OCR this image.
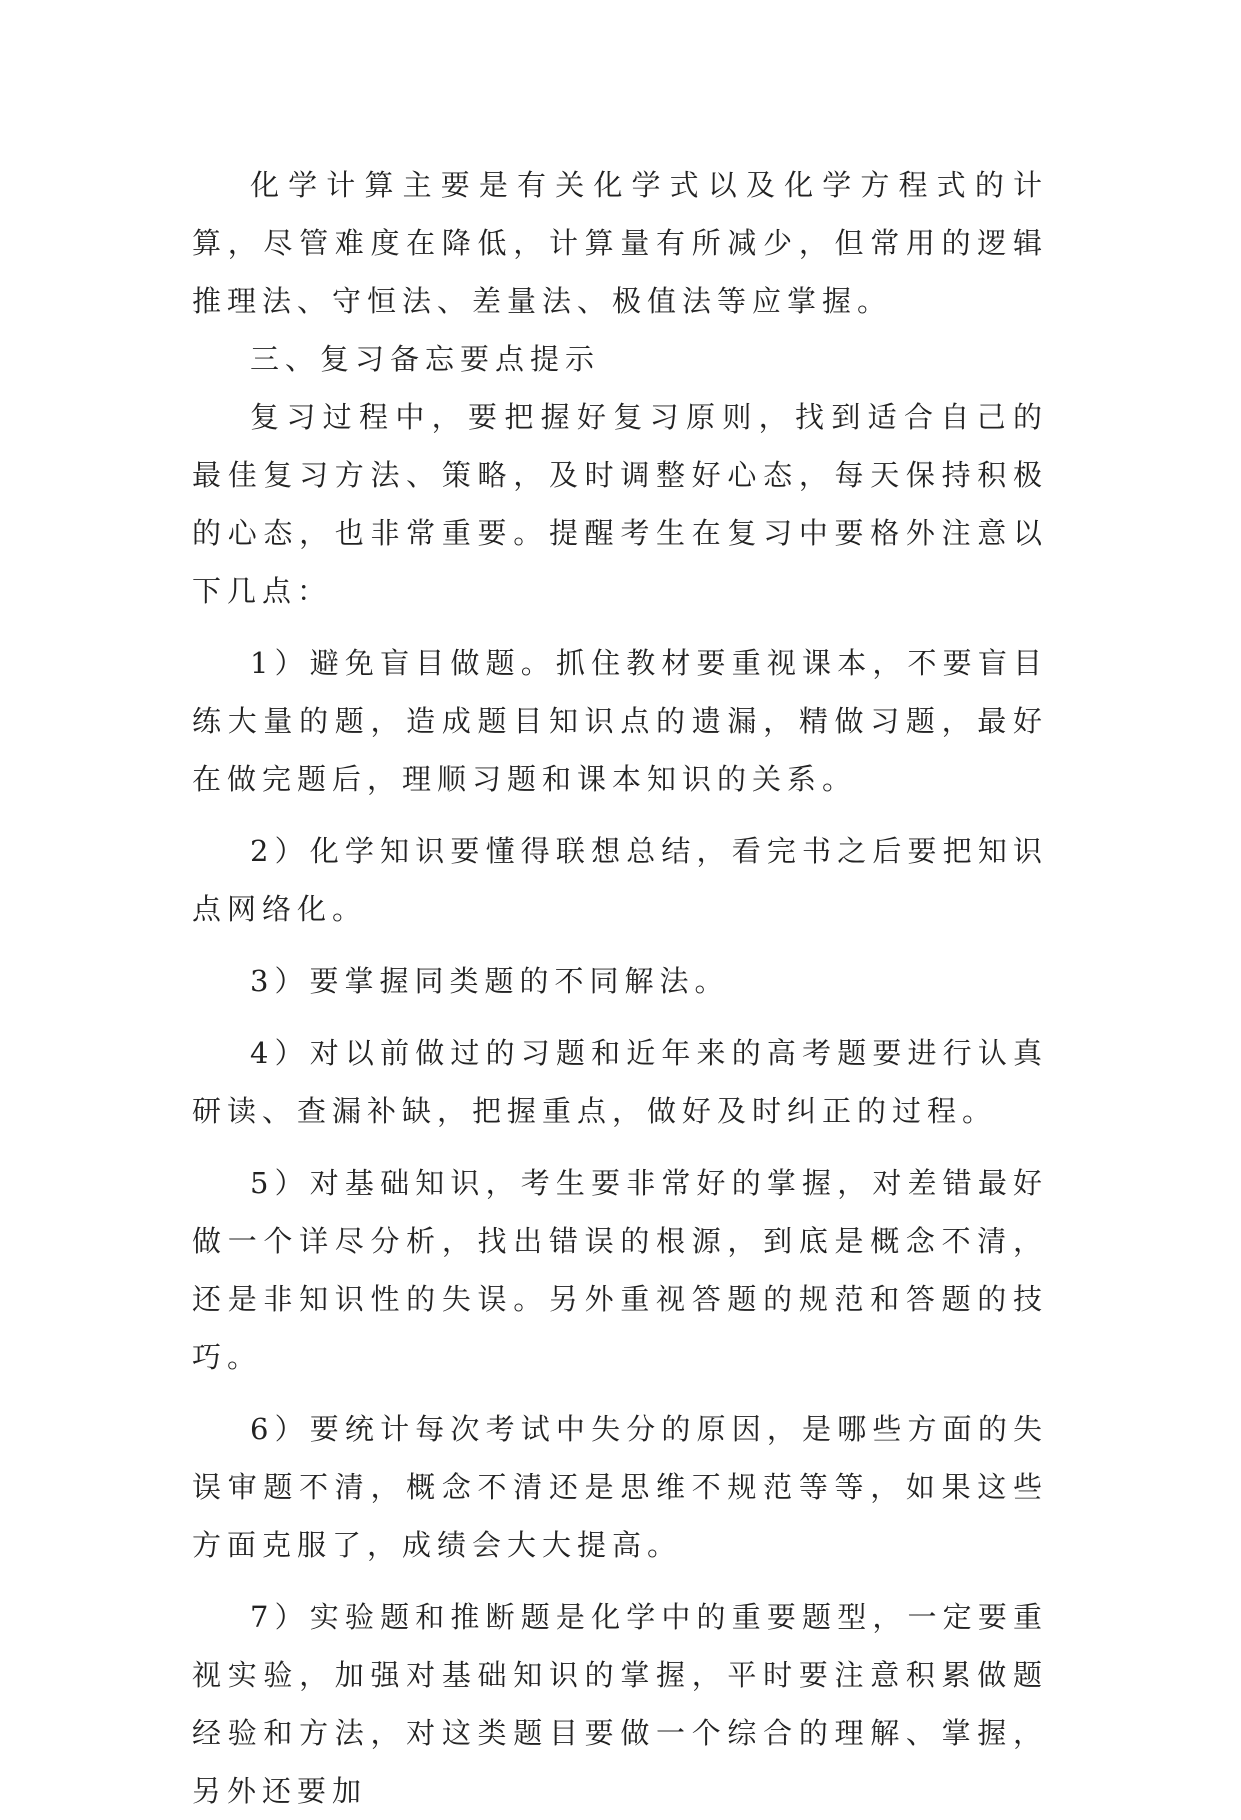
化学计算主要是有关化学式以及化学方程式的计算，尽管难度在降低，计算量有所减少，但常用的逻辑推理法、守恒法、差量法、极值法等应掌握。

三、复习备忘要点提示

复习过程中，要把握好复习原则，找到适合自己的最佳复习方法、策略，及时调整好心态，每天保持积极的心态，也非常重要。提醒考生在复习中要格外注意以下几点：

1）避免盲目做题。抓住教材要重视课本，不要盲目练大量的题，造成题目知识点的遗漏，精做习题，最好在做完题后，理顺习题和课本知识的关系。

2）化学知识要懂得联想总结，看完书之后要把知识点网络化。

3）要掌握同类题的不同解法。

4）对以前做过的习题和近年来的高考题要进行认真研读、查漏补缺，把握重点，做好及时纠正的过程。

5）对基础知识，考生要非常好的掌握，对差错最好做一个详尽分析，找出错误的根源，到底是概念不清，还是非知识性的失误。另外重视答题的规范和答题的技巧。

6）要统计每次考试中失分的原因，是哪些方面的失误审题不清，概念不清还是思维不规范等等，如果这些方面克服了，成绩会大大提高。

7）实验题和推断题是化学中的重要题型，一定要重视实验，加强对基础知识的掌握，平时要注意积累做题经验和方法，对这类题目要做一个综合的理解、掌握，另外还要加
